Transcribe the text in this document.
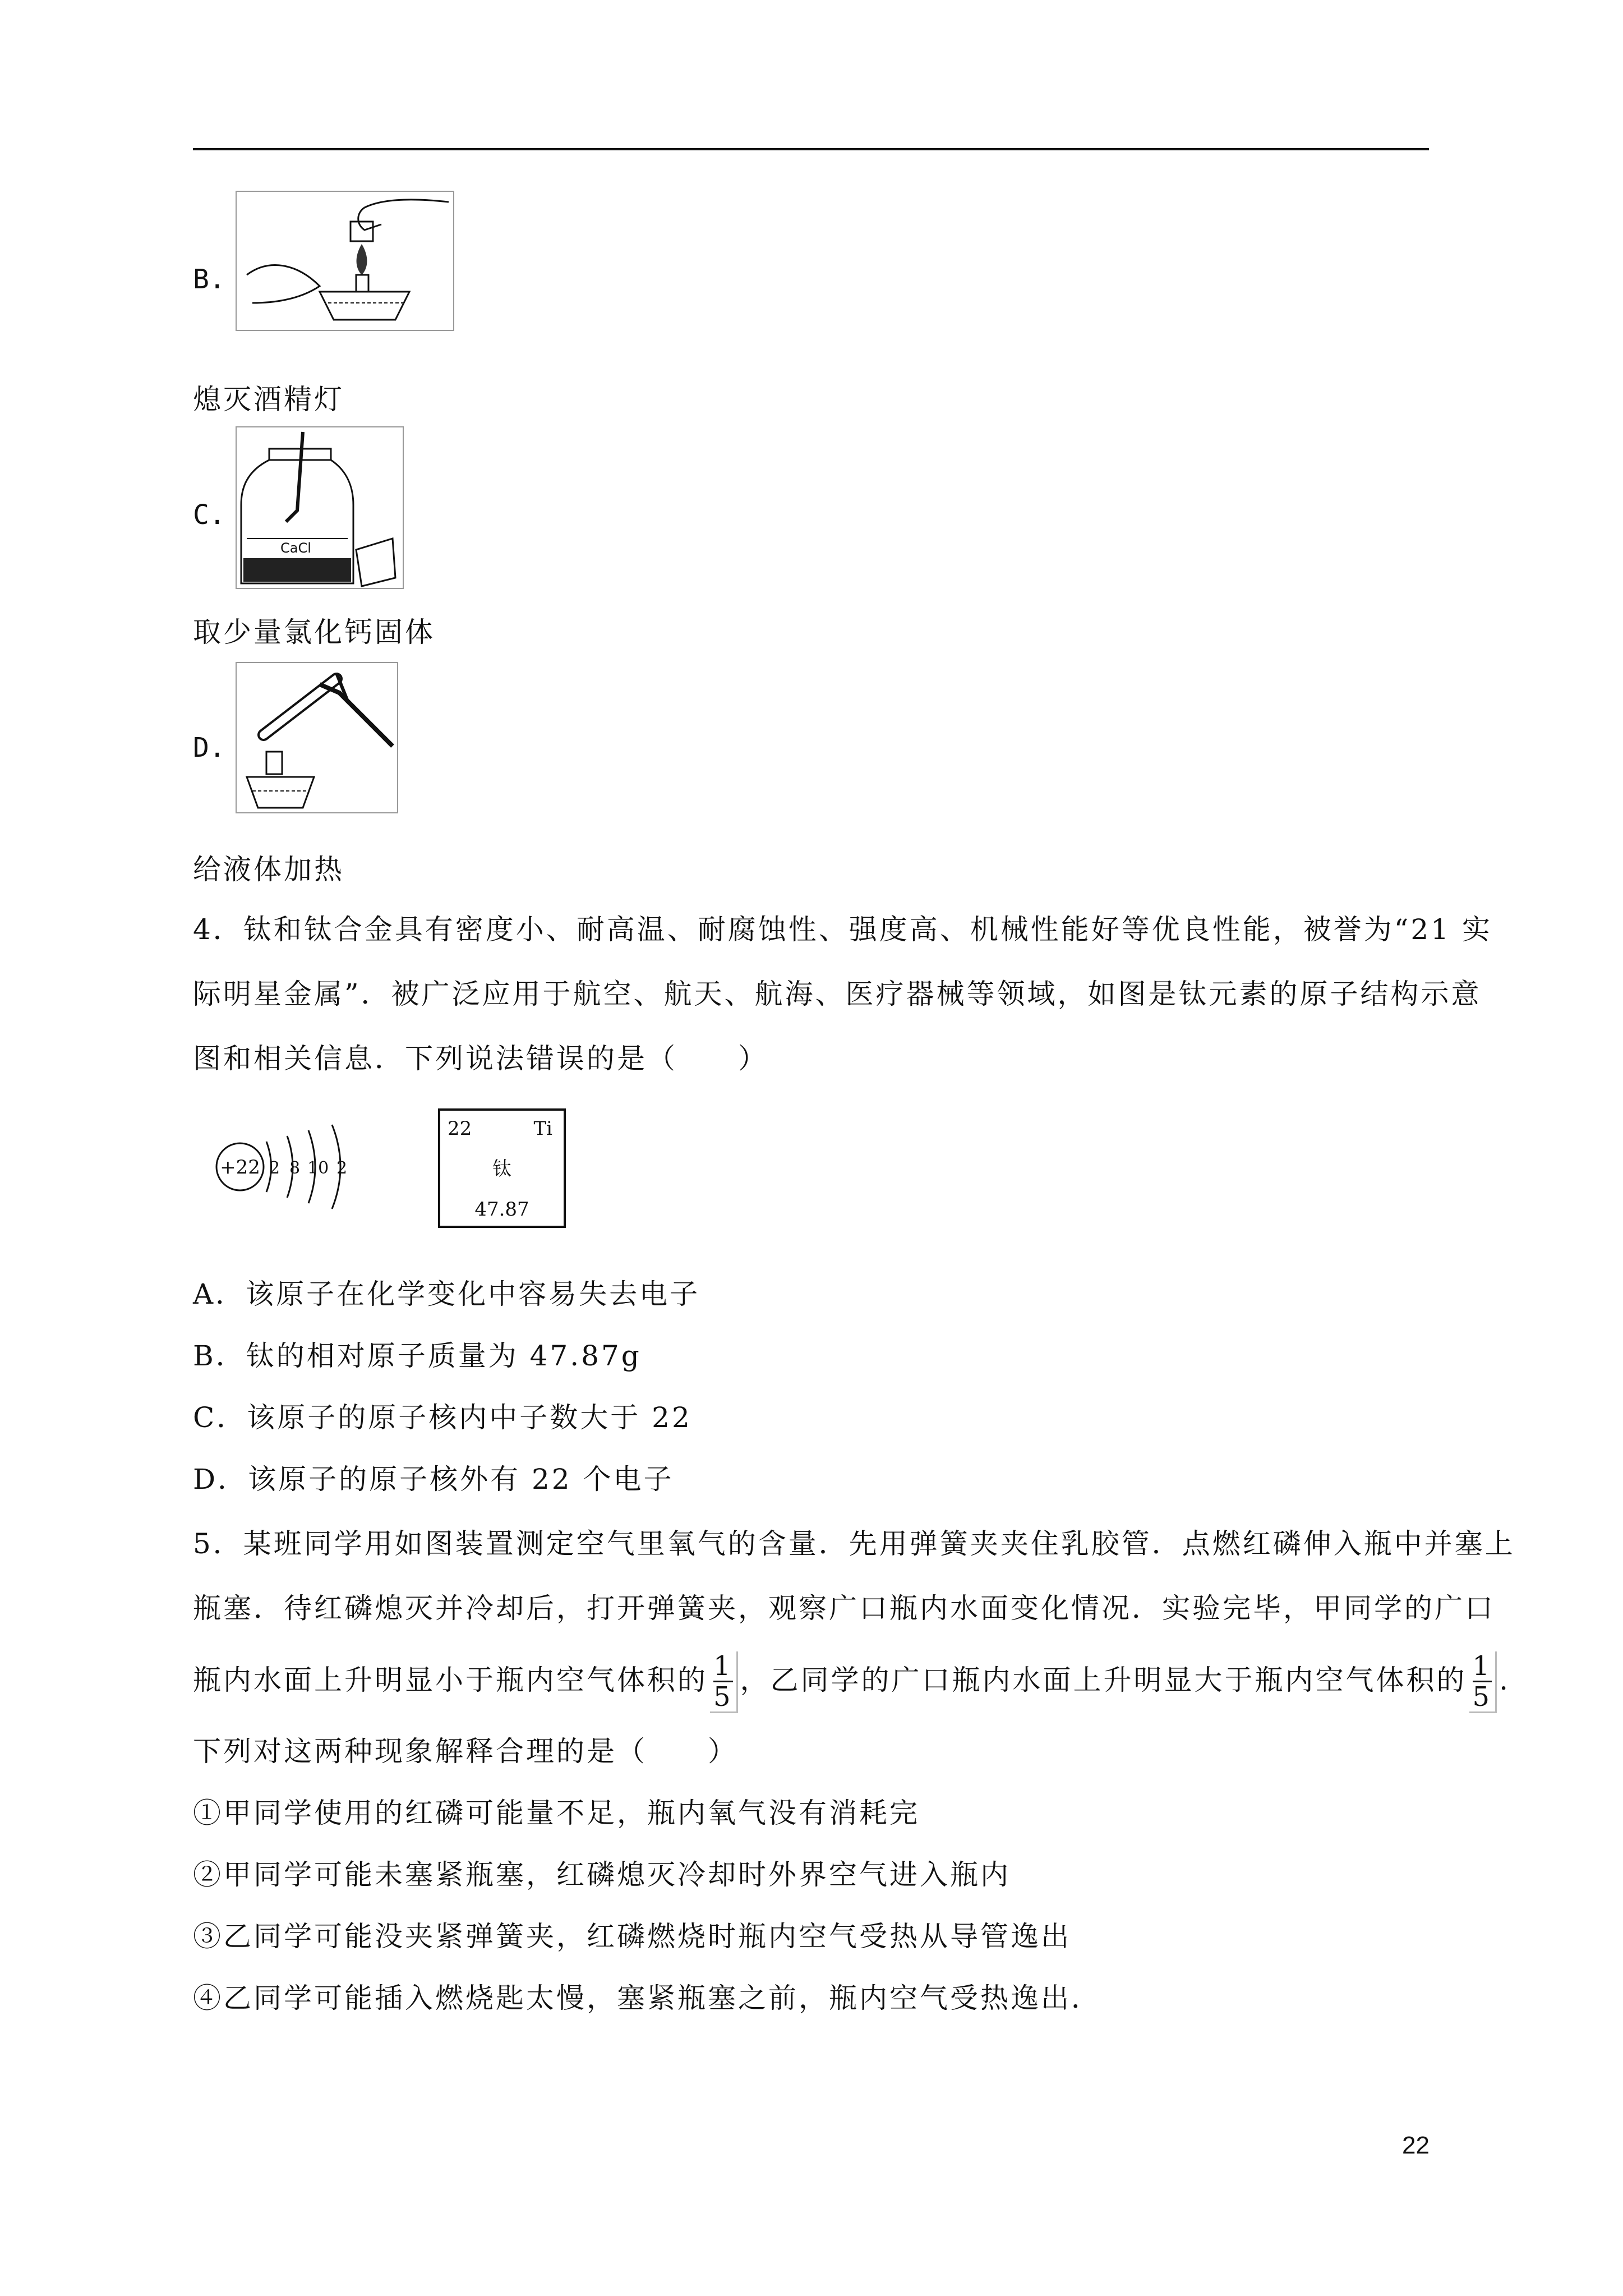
B.
熄灭酒精灯
C.
CaCl
取少量氯化钙固体
D.
给液体加热
4．钛和钛合金具有密度小、耐高温、耐腐蚀性、强度高、机械性能好等优良性能，被誉为“21 实
际明星金属”．被广泛应用于航空、航天、航海、医疗器械等领域，如图是钛元素的原子结构示意
图和相关信息．下列说法错误的是（　　）
+22 2 8 10 2
22	Ti
钛
47.87
A．该原子在化学变化中容易失去电子
B．钛的相对原子质量为 47.87g
C．该原子的原子核内中子数大于 22
D．该原子的原子核外有 22 个电子
5．某班同学用如图装置测定空气里氧气的含量．先用弹簧夹夹住乳胶管．点燃红磷伸入瓶中并塞上
瓶塞．待红磷熄灭并冷却后，打开弹簧夹，观察广口瓶内水面变化情况．实验完毕，甲同学的广口
瓶内水面上升明显小于瓶内空气体积的 $\frac{1}{5}$ ，乙同学的广口瓶内水面上升明显大于瓶内空气体积的 $\frac{1}{5}$ .
下列对这两种现象解释合理的是（　　）
①甲同学使用的红磷可能量不足，瓶内氧气没有消耗完
②甲同学可能未塞紧瓶塞，红磷熄灭冷却时外界空气进入瓶内
③乙同学可能没夹紧弹簧夹，红磷燃烧时瓶内空气受热从导管逸出
④乙同学可能插入燃烧匙太慢，塞紧瓶塞之前，瓶内空气受热逸出．
22
